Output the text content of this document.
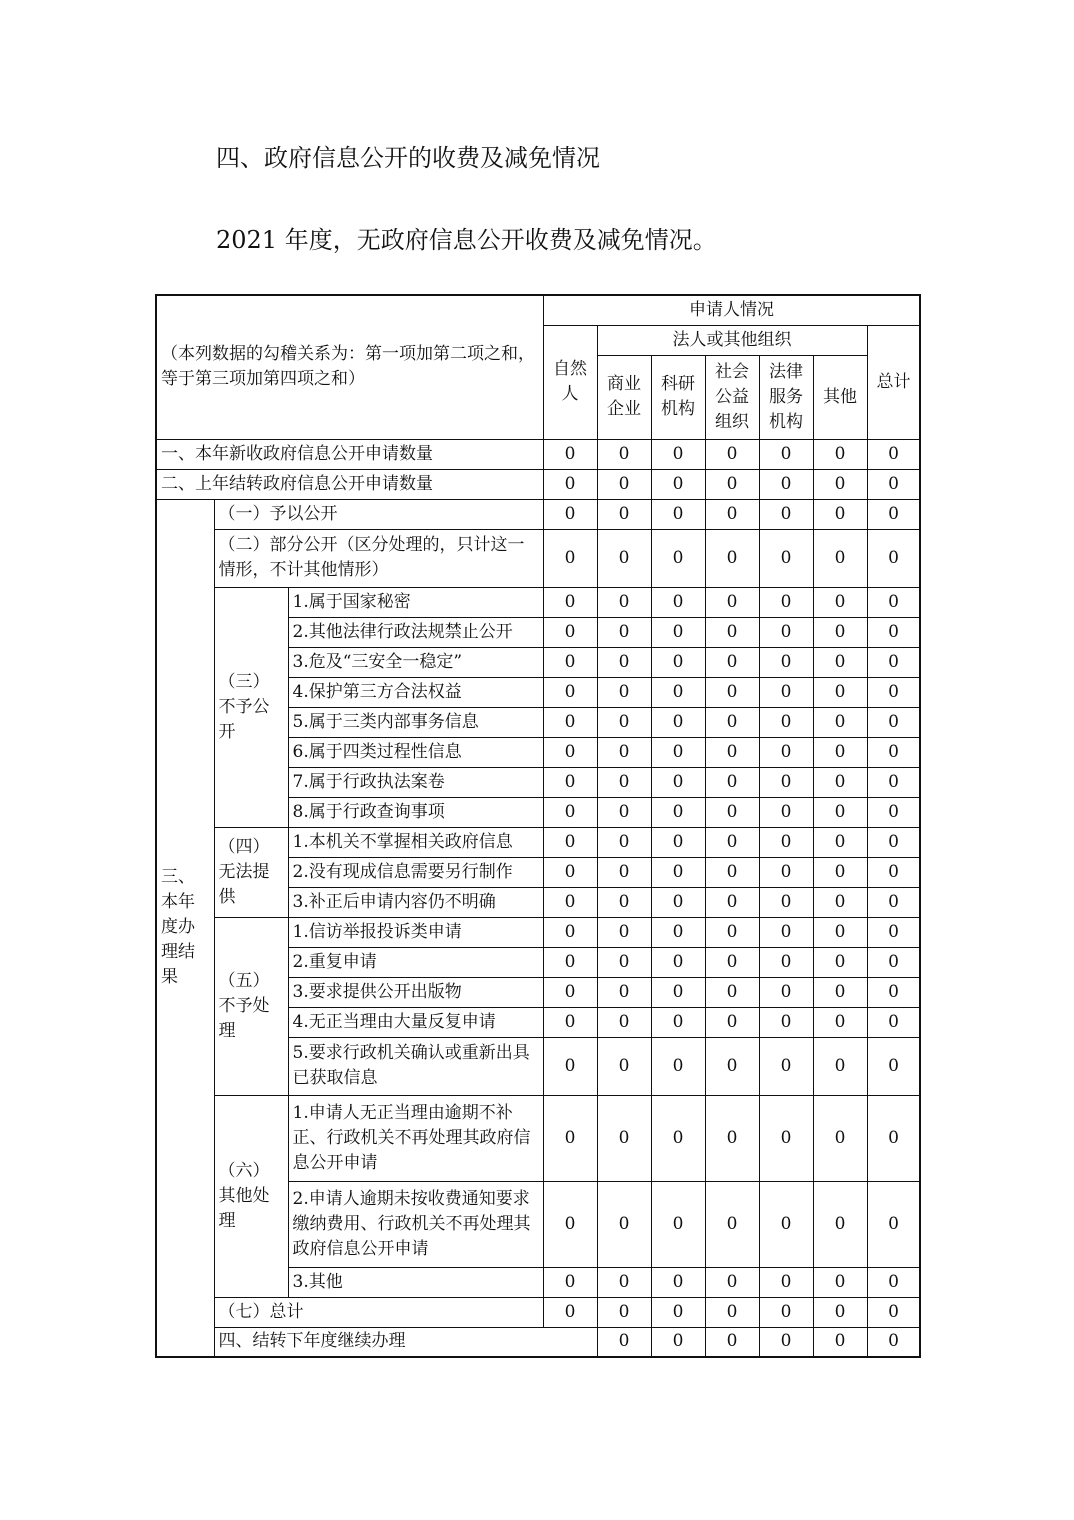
四、政府信息公开的收费及减免情况
2021 年度，无政府信息公开收费及减免情况。
（本列数据的勾稽关系为：第一项加第二项之和，等于第三项加第四项之和）			申请人情况							
			自然人	法人或其他组织					总计	
				商业企业	科研机构	社会公益组织	法律服务机构	其他		
一、本年新收政府信息公开申请数量			0	0	0	0	0	0	0	
二、上年结转政府信息公开申请数量			0	0	0	0	0	0	0	
三、本年度办理结果	（一）予以公开		0	0	0	0	0	0	0	
	（二）部分公开（区分处理的，只计这一情形，不计其他情形）		0	0	0	0	0	0	0	
	（三）不予公开	1.属于国家秘密	0	0	0	0	0	0	0	
		2.其他法律行政法规禁止公开	0	0	0	0	0	0	0	
		3.危及“三安全一稳定”	0	0	0	0	0	0	0	
		4.保护第三方合法权益	0	0	0	0	0	0	0	
		5.属于三类内部事务信息	0	0	0	0	0	0	0	
		6.属于四类过程性信息	0	0	0	0	0	0	0	
		7.属于行政执法案卷	0	0	0	0	0	0	0	
		8.属于行政查询事项	0	0	0	0	0	0	0	
	（四）无法提供	1.本机关不掌握相关政府信息	0	0	0	0	0	0	0	
		2.没有现成信息需要另行制作	0	0	0	0	0	0	0	
		3.补正后申请内容仍不明确	0	0	0	0	0	0	0	
	（五）不予处理	1.信访举报投诉类申请	0	0	0	0	0	0	0	
		2.重复申请	0	0	0	0	0	0	0	
		3.要求提供公开出版物	0	0	0	0	0	0	0	
		4.无正当理由大量反复申请	0	0	0	0	0	0	0	
		5.要求行政机关确认或重新出具已获取信息	0	0	0	0	0	0	0	
	（六）其他处理	1.申请人无正当理由逾期不补正、行政机关不再处理其政府信息公开申请	0	0	0	0	0	0	0	
		2.申请人逾期未按收费通知要求缴纳费用、行政机关不再处理其政府信息公开申请	0	0	0	0	0	0	0	
		3.其他	0	0	0	0	0	0	0	
	（七）总计		0	0	0	0	0	0	0	
	四、结转下年度继续办理			0	0	0	0	0	0	
